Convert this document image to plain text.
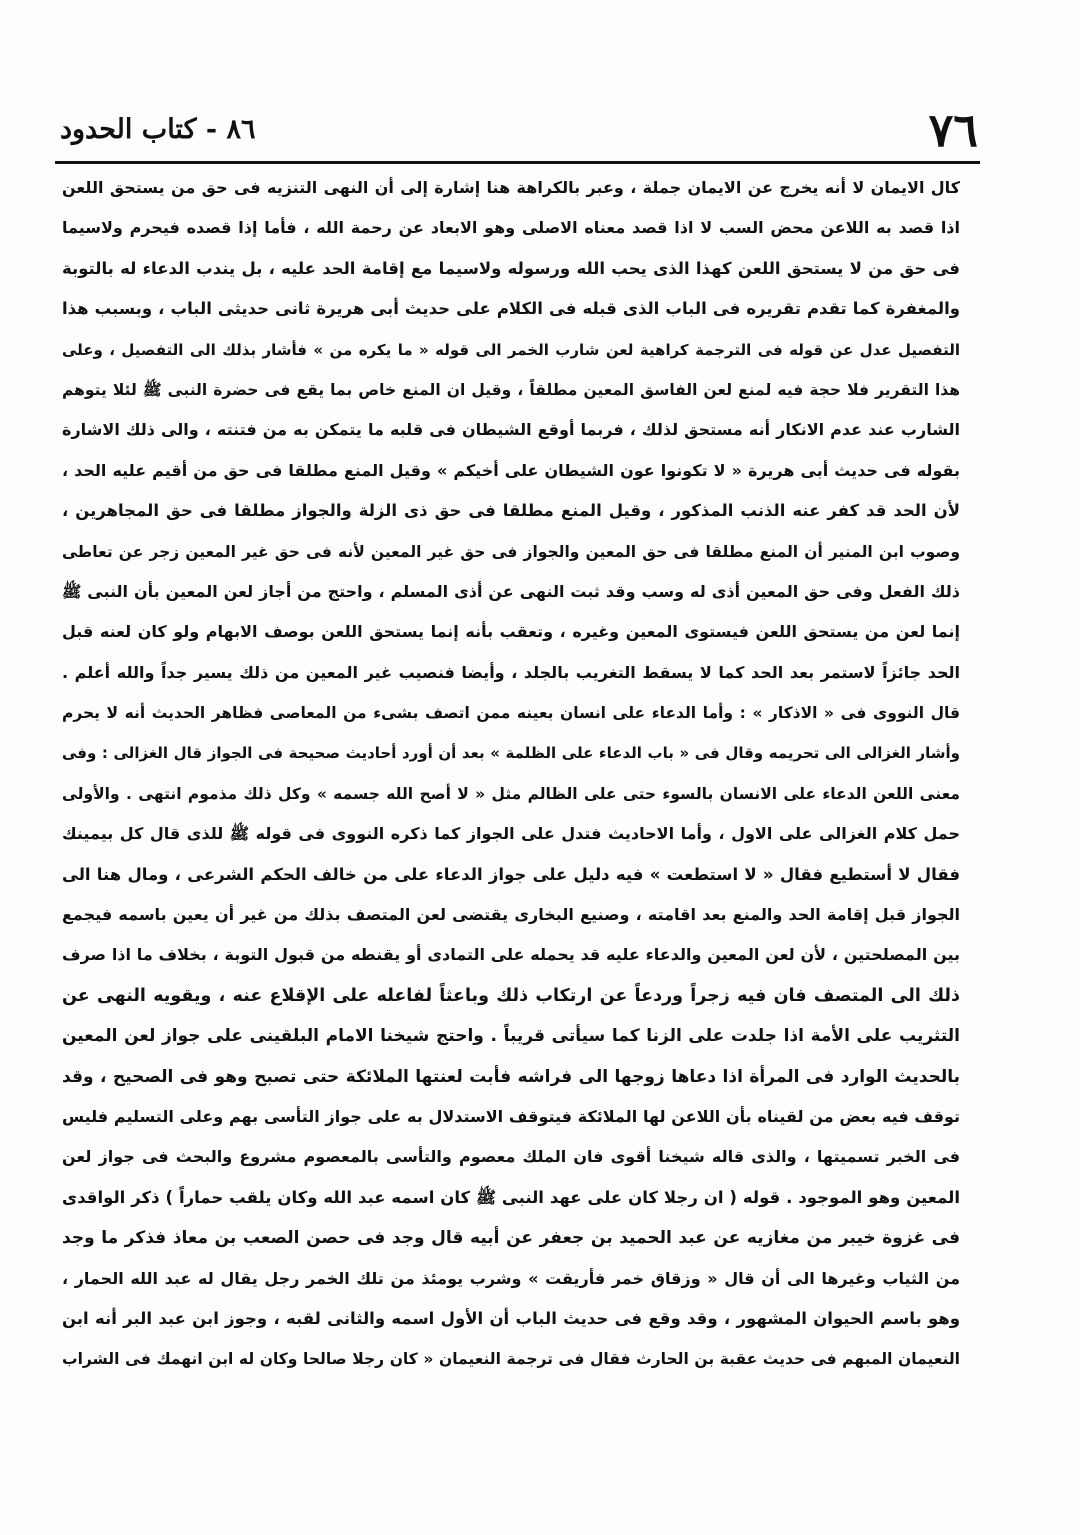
٧٦
٨٦ - كتاب الحدود
كال الايمان لا أنه يخرج عن الايمان جملة ، وعبر بالكراهة هنا إشارة إلى أن النهى التنزيه فى حق من يستحق اللعن
اذا قصد به اللاعن محض السب لا اذا قصد معناه الاصلى وهو الابعاد عن رحمة الله ، فأما إذا قصده فيحرم ولاسيما
فى حق من لا يستحق اللعن كهذا الذى يحب الله ورسوله ولاسيما مع إقامة الحد عليه ، بل يندب الدعاء له بالتوبة
والمغفرة كما تقدم تقريره فى الباب الذى قبله فى الكلام على حديث أبى هريرة ثانى حديثى الباب ، وبسبب هذا
التفصيل عدل عن قوله فى الترجمة كراهية لعن شارب الخمر الى قوله « ما يكره من » فأشار بذلك الى التفصيل ، وعلى
هذا التقرير فلا حجة فيه لمنع لعن الفاسق المعين مطلقاً ، وقيل ان المنع خاص بما يقع فى حضرة النبى ﷺ لئلا يتوهم
الشارب عند عدم الانكار أنه مستحق لذلك ، فربما أوقع الشيطان فى قلبه ما يتمكن به من فتنته ، والى ذلك الاشارة
بقوله فى حديث أبى هريرة « لا تكونوا عون الشيطان على أخيكم » وقيل المنع مطلقا فى حق من أقيم عليه الحد ،
لأن الحد قد كفر عنه الذنب المذكور ، وقيل المنع مطلقا فى حق ذى الزلة والجواز مطلقا فى حق المجاهرين ،
وصوب ابن المنير أن المنع مطلقا فى حق المعين والجواز فى حق غير المعين لأنه فى حق غير المعين زجر عن تعاطى
ذلك الفعل وفى حق المعين أذى له وسب وقد ثبت النهى عن أذى المسلم ، واحتج من أجاز لعن المعين بأن النبى ﷺ
إنما لعن من يستحق اللعن فيستوى المعين وغيره ، وتعقب بأنه إنما يستحق اللعن بوصف الابهام ولو كان لعنه قبل
الحد جائزاً لاستمر بعد الحد كما لا يسقط التغريب بالجلد ، وأيضا فنصيب غير المعين من ذلك يسير جداً والله أعلم .
قال النووى فى « الاذكار » : وأما الدعاء على انسان بعينه ممن اتصف بشىء من المعاصى فظاهر الحديث أنه لا يحرم
وأشار الغزالى الى تحريمه وقال فى « باب الدعاء على الظلمة » بعد أن أورد أحاديث صحيحة فى الجواز قال الغزالى : وفى
معنى اللعن الدعاء على الانسان بالسوء حتى على الظالم مثل « لا أصح الله جسمه » وكل ذلك مذموم انتهى . والأولى
حمل كلام الغزالى على الاول ، وأما الاحاديث فتدل على الجواز كما ذكره النووى فى قوله ﷺ للذى قال كل بيمينك
فقال لا أستطيع فقال « لا استطعت » فيه دليل على جواز الدعاء على من خالف الحكم الشرعى ، ومال هنا الى
الجواز قبل إقامة الحد والمنع بعد اقامته ، وصنيع البخارى يقتضى لعن المتصف بذلك من غير أن يعين باسمه فيجمع
بين المصلحتين ، لأن لعن المعين والدعاء عليه قد يحمله على التمادى أو يقنطه من قبول التوبة ، بخلاف ما اذا صرف
ذلك الى المتصف فان فيه زجراً وردعاً عن ارتكاب ذلك وباعثاً لفاعله على الإقلاع عنه ، ويقويه النهى عن
التثريب على الأمة اذا جلدت على الزنا كما سيأتى قريباً . واحتج شيخنا الامام البلقينى على جواز لعن المعين
بالحديث الوارد فى المرأة اذا دعاها زوجها الى فراشه فأبت لعنتها الملائكة حتى تصبح وهو فى الصحيح ، وقد
توقف فيه بعض من لقيناه بأن اللاعن لها الملائكة فيتوقف الاستدلال به على جواز التأسى بهم وعلى التسليم فليس
فى الخبر تسميتها ، والذى قاله شيخنا أقوى فان الملك معصوم والتأسى بالمعصوم مشروع والبحث فى جواز لعن
المعين وهو الموجود . قوله ( ان رجلا كان على عهد النبى ﷺ كان اسمه عبد الله وكان يلقب حماراً ) ذكر الواقدى
فى غزوة خيبر من مغازيه عن عبد الحميد بن جعفر عن أبيه قال وجد فى حصن الصعب بن معاذ فذكر ما وجد
من الثياب وغيرها الى أن قال « وزقاق خمر فأريقت » وشرب يومئذ من تلك الخمر رجل يقال له عبد الله الحمار ،
وهو باسم الحيوان المشهور ، وقد وقع فى حديث الباب أن الأول اسمه والثانى لقبه ، وجوز ابن عبد البر أنه ابن
النعيمان المبهم فى حديث عقبة بن الحارث فقال فى ترجمة النعيمان « كان رجلا صالحا وكان له ابن انهمك فى الشراب
